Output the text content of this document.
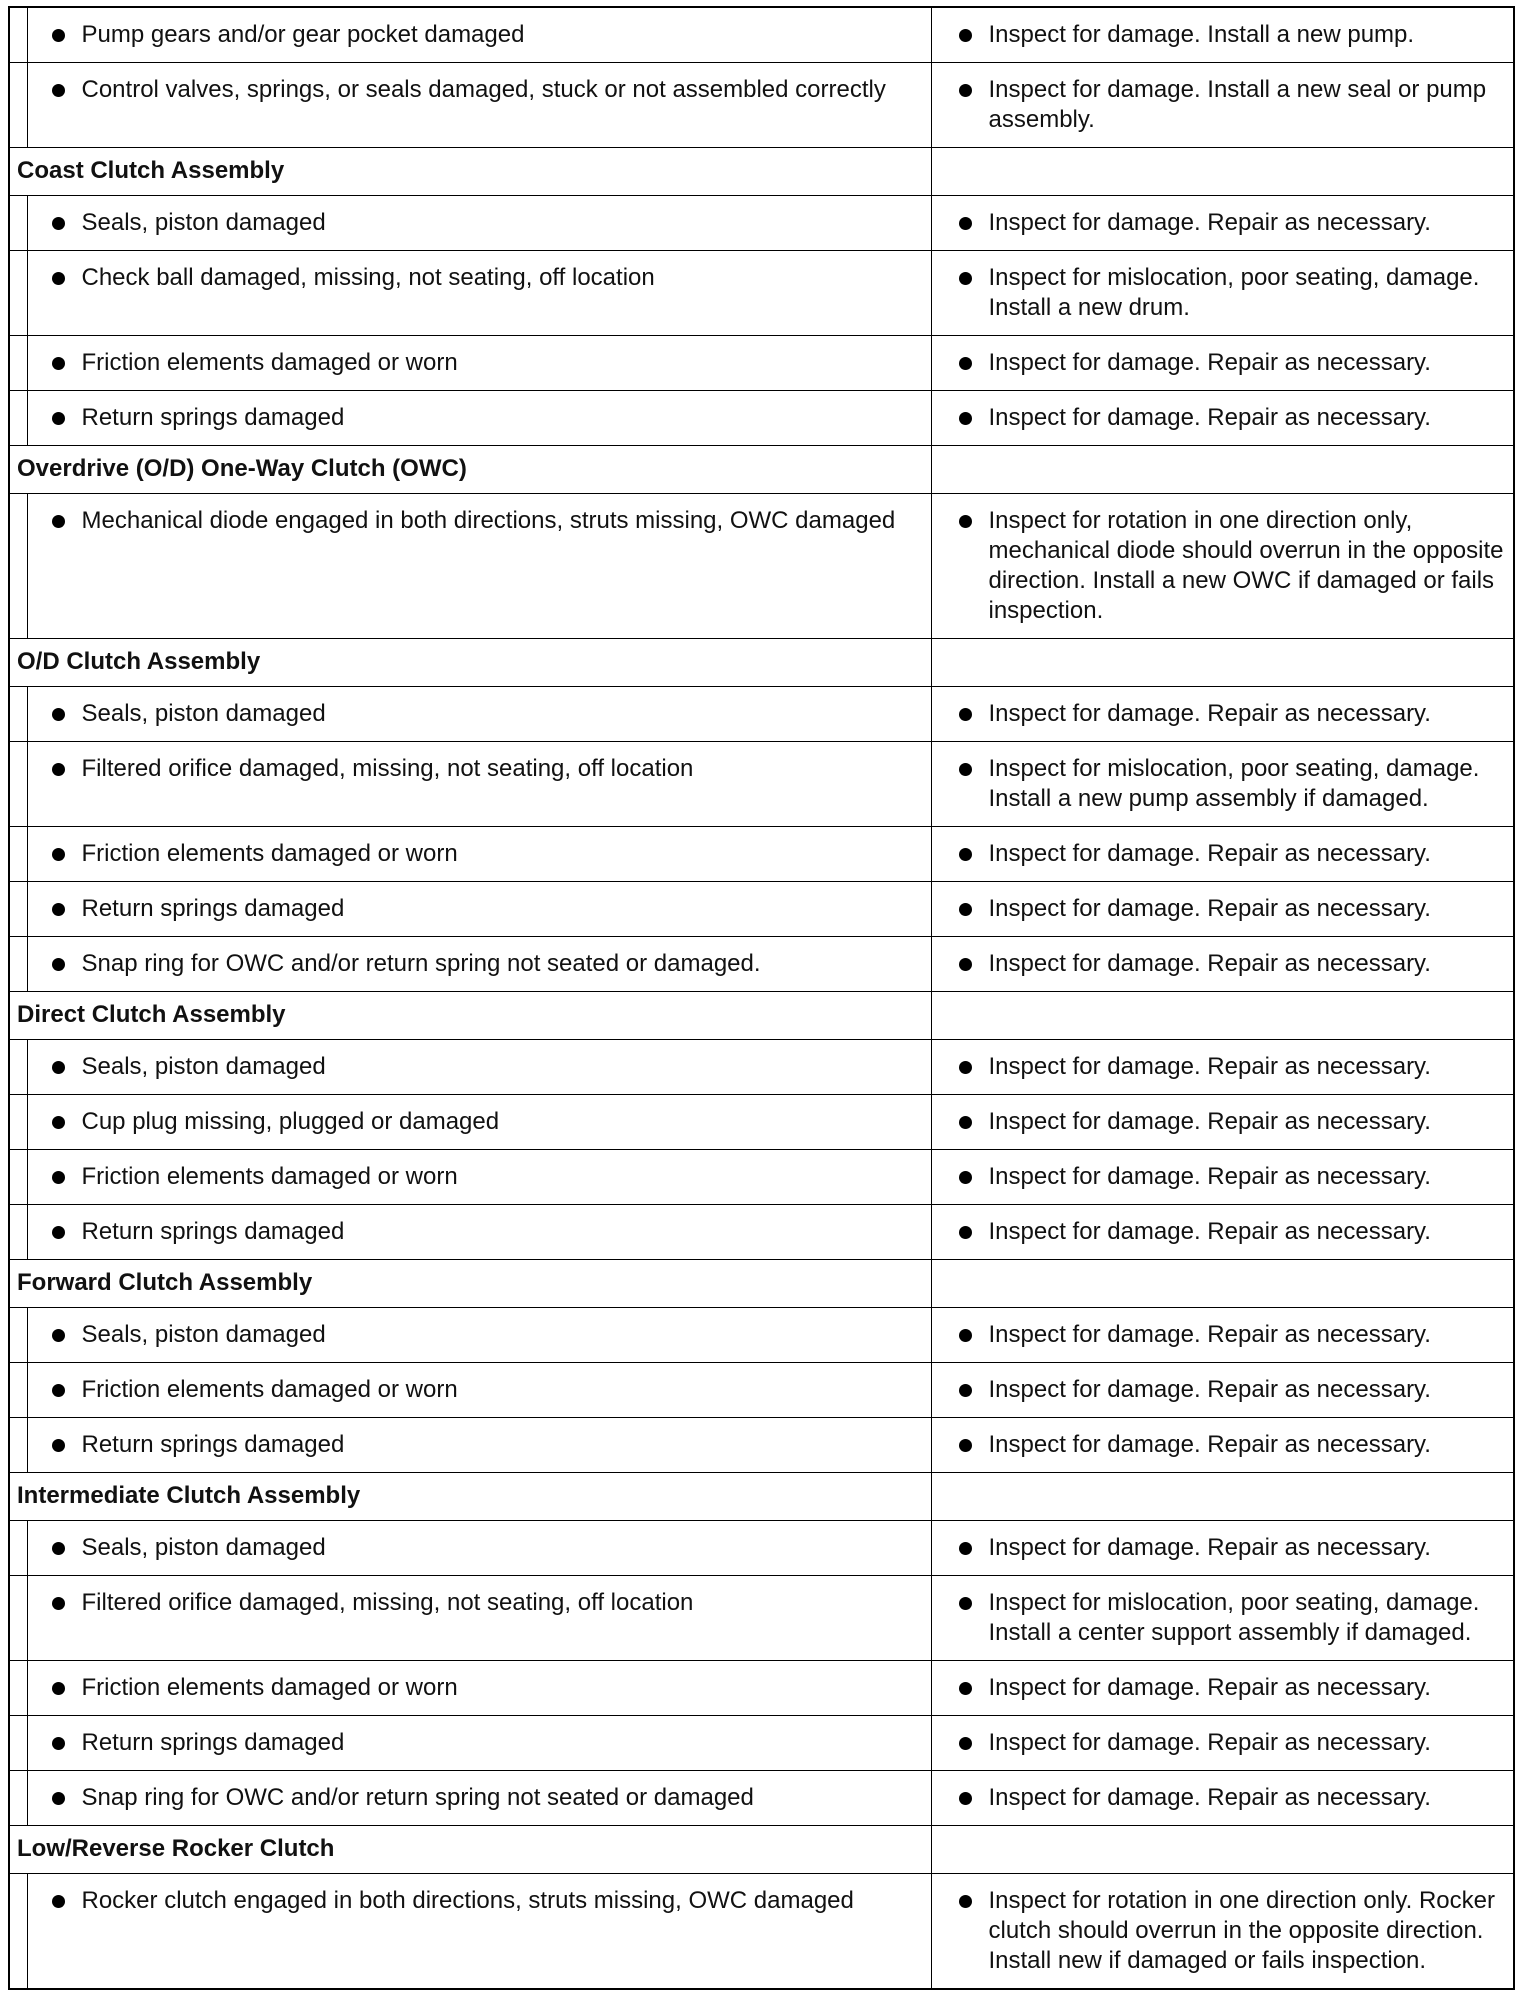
	Pump gears and/or gear pocket damaged	Inspect for damage. Install a new pump.

	Control valves, springs, or seals damaged, stuck or not assembled correctly	Inspect for damage. Install a new seal or pump assembly.

Coast Clutch Assembly		

	Seals, piston damaged	Inspect for damage. Repair as necessary.

	Check ball damaged, missing, not seating, off location	Inspect for mislocation, poor seating, damage. Install a new drum.

	Friction elements damaged or worn	Inspect for damage. Repair as necessary.

	Return springs damaged	Inspect for damage. Repair as necessary.

Overdrive (O/D) One-Way Clutch (OWC)		

	Mechanical diode engaged in both directions, struts missing, OWC damaged	Inspect for rotation in one direction only, mechanical diode should overrun in the opposite direction. Install a new OWC if damaged or fails inspection.

O/D Clutch Assembly		

	Seals, piston damaged	Inspect for damage. Repair as necessary.

	Filtered orifice damaged, missing, not seating, off location	Inspect for mislocation, poor seating, damage. Install a new pump assembly if damaged.

	Friction elements damaged or worn	Inspect for damage. Repair as necessary.

	Return springs damaged	Inspect for damage. Repair as necessary.

	Snap ring for OWC and/or return spring not seated or damaged.	Inspect for damage. Repair as necessary.

Direct Clutch Assembly		

	Seals, piston damaged	Inspect for damage. Repair as necessary.

	Cup plug missing, plugged or damaged	Inspect for damage. Repair as necessary.

	Friction elements damaged or worn	Inspect for damage. Repair as necessary.

	Return springs damaged	Inspect for damage. Repair as necessary.

Forward Clutch Assembly		

	Seals, piston damaged	Inspect for damage. Repair as necessary.

	Friction elements damaged or worn	Inspect for damage. Repair as necessary.

	Return springs damaged	Inspect for damage. Repair as necessary.

Intermediate Clutch Assembly		

	Seals, piston damaged	Inspect for damage. Repair as necessary.

	Filtered orifice damaged, missing, not seating, off location	Inspect for mislocation, poor seating, damage. Install a center support assembly if damaged.

	Friction elements damaged or worn	Inspect for damage. Repair as necessary.

	Return springs damaged	Inspect for damage. Repair as necessary.

	Snap ring for OWC and/or return spring not seated or damaged	Inspect for damage. Repair as necessary.

Low/Reverse Rocker Clutch		

	Rocker clutch engaged in both directions, struts missing, OWC damaged	Inspect for rotation in one direction only. Rocker clutch should overrun in the opposite direction. Install new if damaged or fails inspection.
